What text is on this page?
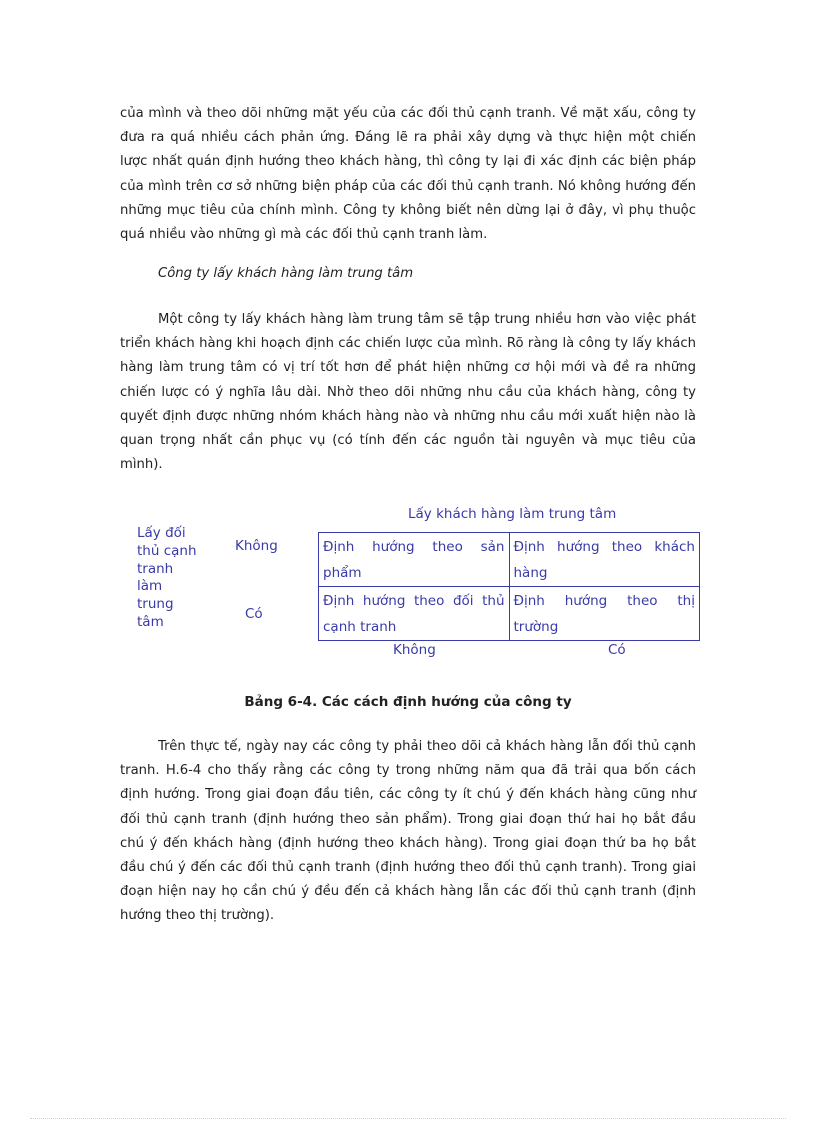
của mình và theo dõi những mặt yếu của các đối thủ cạnh tranh. Về mặt xấu, công ty đưa ra quá nhiều cách phản ứng. Đáng lẽ ra phải xây dựng và thực hiện một chiến lược nhất quán định hướng theo khách hàng, thì công ty lại đi xác định các biện pháp của mình trên cơ sở những biện pháp của các đối thủ cạnh tranh. Nó không hướng đến những mục tiêu của chính mình. Công ty không biết nên dừng lại ở đây, vì phụ thuộc quá nhiều vào những gì mà các đối thủ cạnh tranh làm.

Công ty lấy khách hàng làm trung tâm

Một công ty lấy khách hàng làm trung tâm sẽ tập trung nhiều hơn vào việc phát triển khách hàng khi hoạch định các chiến lược của mình. Rõ ràng là công ty lấy khách hàng làm trung tâm có vị trí tốt hơn để phát hiện những cơ hội mới và đề ra những chiến lược có ý nghĩa lâu dài. Nhờ theo dõi những nhu cầu của khách hàng, công ty quyết định được những nhóm khách hàng nào và những nhu cầu mới xuất hiện nào là quan trọng nhất cần phục vụ (có tính đến các nguồn tài nguyên và mục tiêu của mình).

Lấy khách hàng làm trung tâm
Lấy đối thủ cạnh tranh làm trung tâm
Không
Có
Định hướng theo sản phẩm	Định hướng theo khách hàng
Định hướng theo đối thủ cạnh tranh	Định hướng theo thị trường
Không	Có
Bảng 6-4. Các cách định hướng của công ty

Trên thực tế, ngày nay các công ty phải theo dõi cả khách hàng lẫn đối thủ cạnh tranh. H.6-4 cho thấy rằng các công ty trong những năm qua đã trải qua bốn cách định hướng. Trong giai đoạn đầu tiên, các công ty ít chú ý đến khách hàng cũng như đối thủ cạnh tranh (định hướng theo sản phẩm). Trong giai đoạn thứ hai họ bắt đầu chú ý đến khách hàng (định hướng theo khách hàng). Trong giai đoạn thứ ba họ bắt đầu chú ý đến các đối thủ cạnh tranh (định hướng theo đối thủ cạnh tranh). Trong giai đoạn hiện nay họ cần chú ý đều đến cả khách hàng lẫn các đối thủ cạnh tranh (định hướng theo thị trường).
